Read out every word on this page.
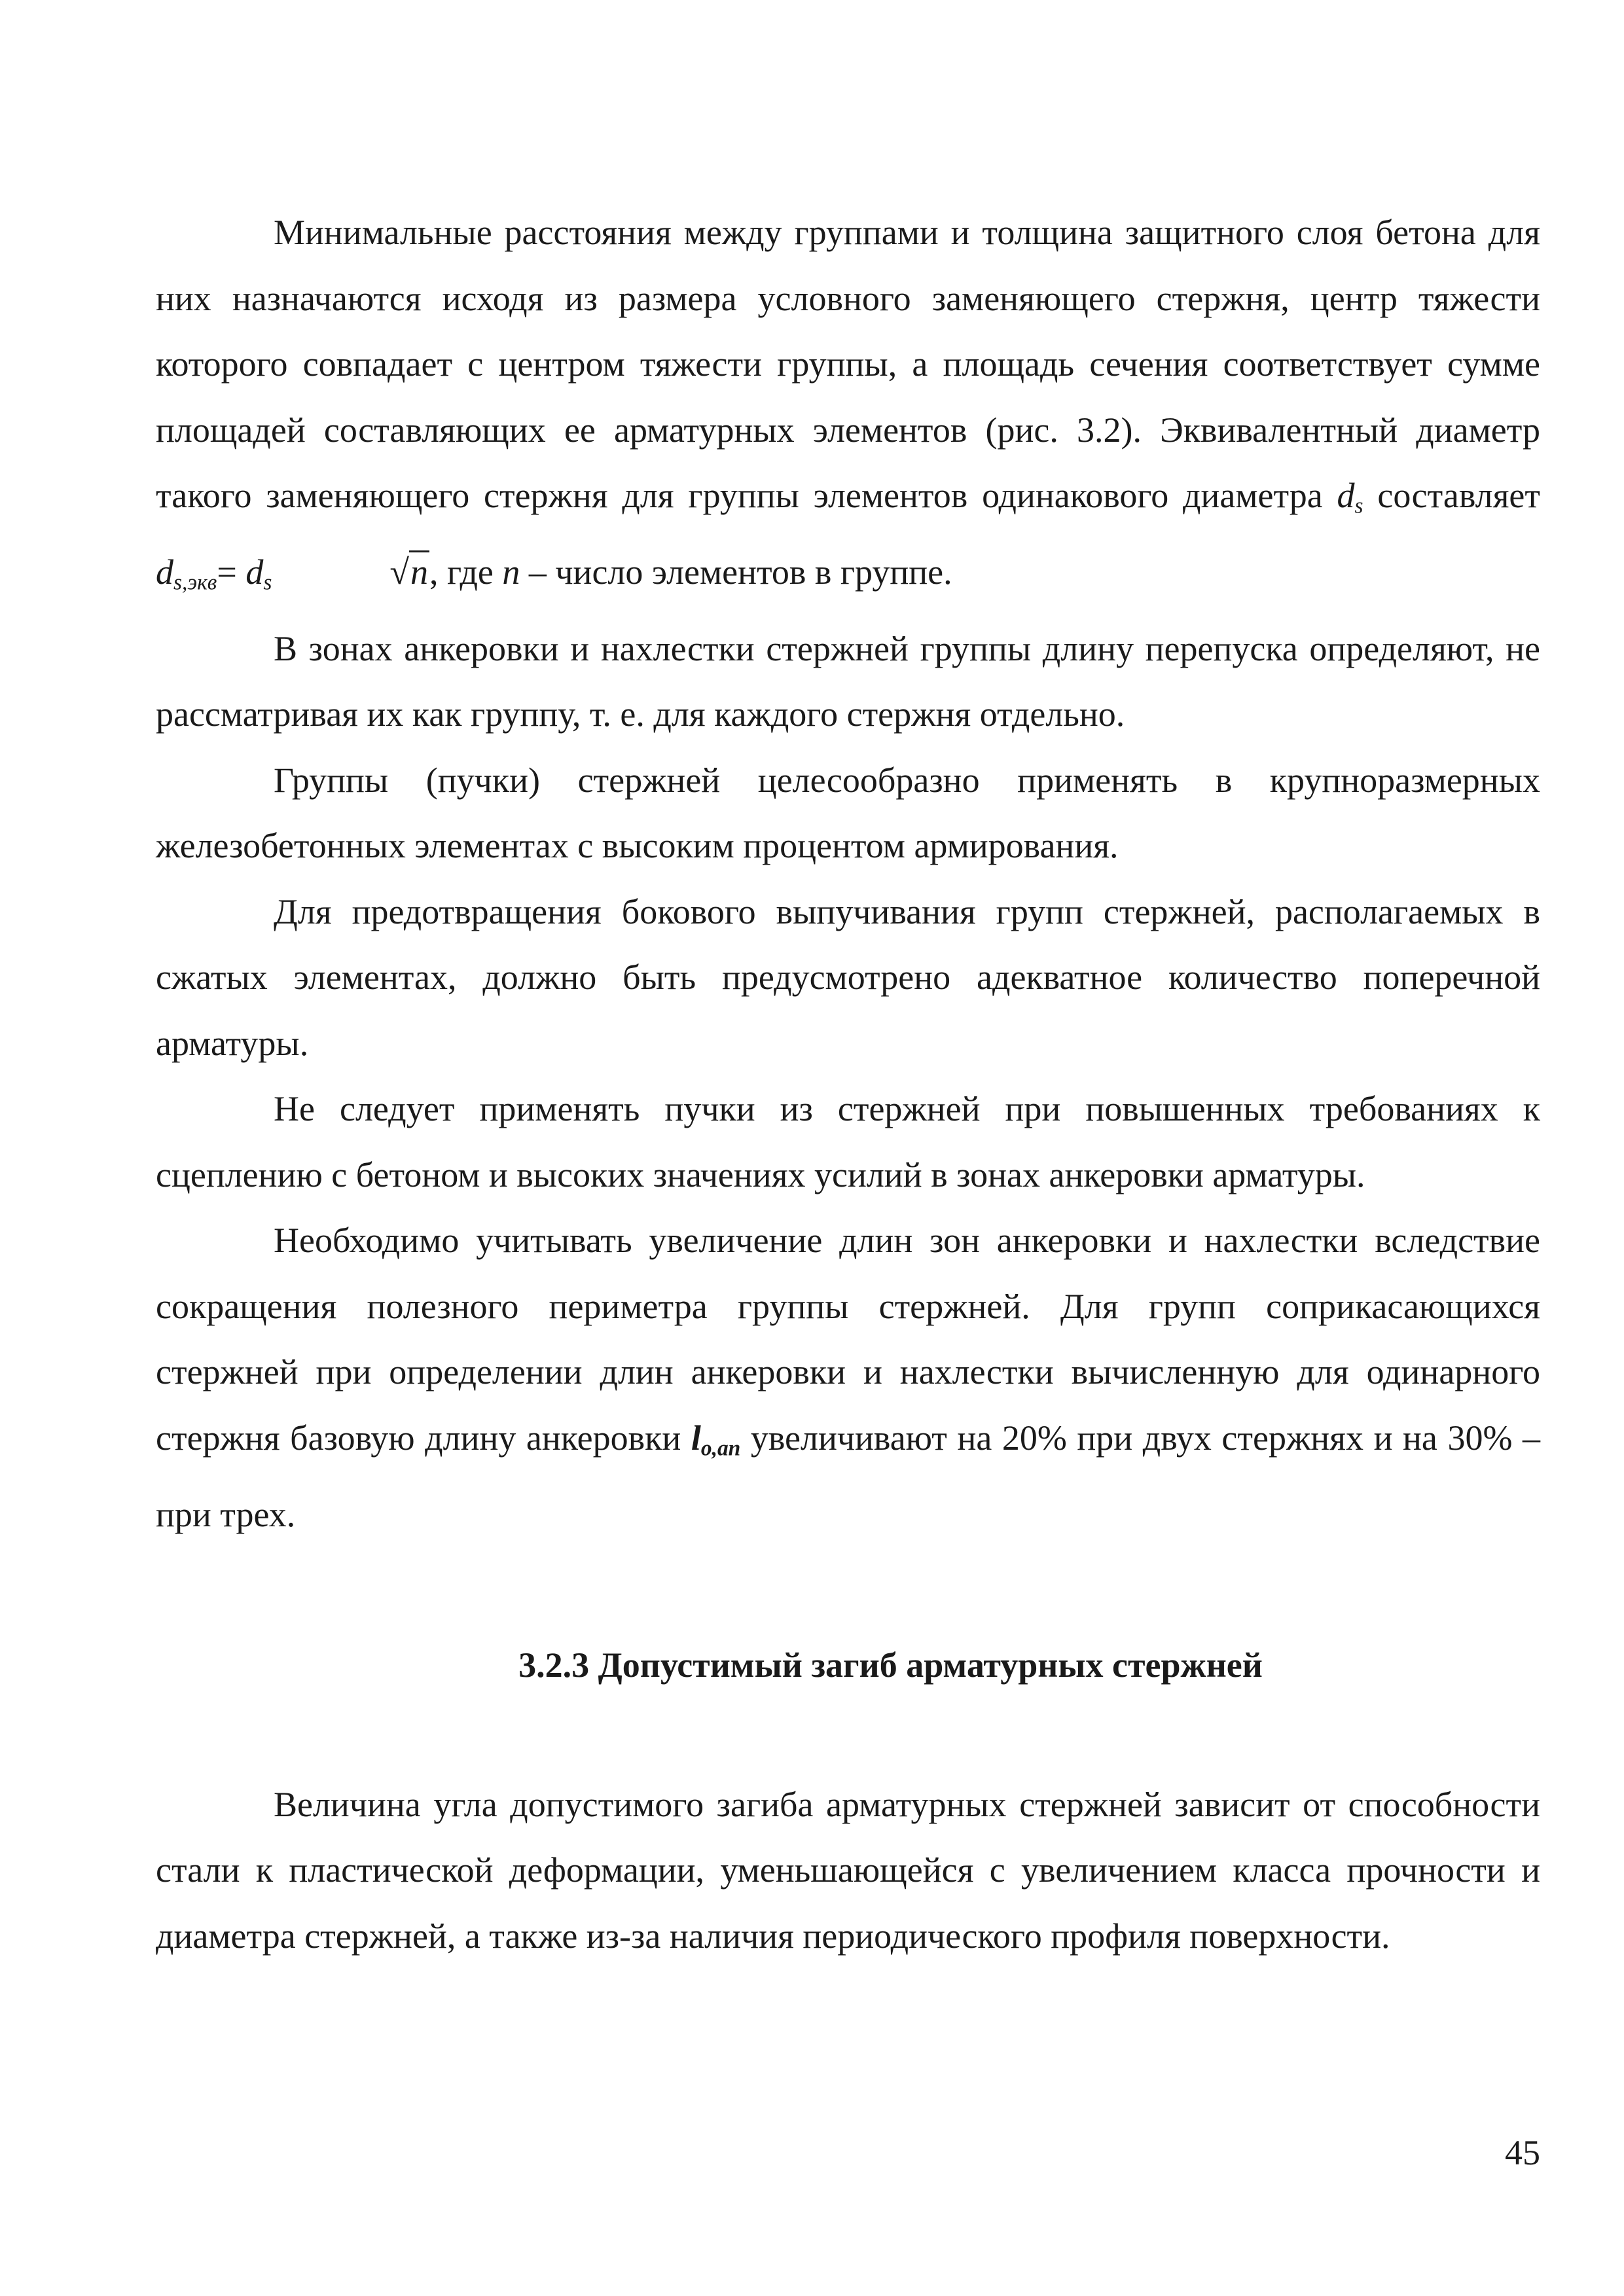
Минимальные расстояния между группами и толщина защитного слоя бетона для них назначаются исходя из размера условного заменяющего стержня, центр тяжести которого совпадает с центром тяжести группы, а площадь сечения соответствует сумме площадей составляющих ее арматурных элементов (рис. 3.2). Эквивалентный диаметр такого заменяющего стержня для группы элементов одинакового диаметра $d_s$ составляет $d_{s,экв}= d_s$	√n, где n – число элементов в группе.

В зонах анкеровки и нахлестки стержней группы длину перепуска определяют, не рассматривая их как группу, т. е. для каждого стержня отдельно.

Группы (пучки) стержней целесообразно применять в крупноразмерных железобетонных элементах с высоким процентом армирования.

Для предотвращения бокового выпучивания групп стержней, располагаемых в сжатых элементах, должно быть предусмотрено адекватное количество поперечной арматуры.

Не следует применять пучки из стержней при повышенных требованиях к сцеплению с бетоном и высоких значениях усилий в зонах анкеровки арматуры.

Необходимо учитывать увеличение длин зон анкеровки и нахлестки вследствие сокращения полезного периметра группы стержней. Для групп соприкасающихся стержней при определении длин анкеровки и нахлестки вычисленную для одинарного стержня базовую длину анкеровки lo,an увеличивают на 20% при двух стержнях и на 30% – при трех.

3.2.3 Допустимый загиб арматурных стержней

Величина угла допустимого загиба арматурных стержней зависит от способности стали к пластической деформации, уменьшающейся с увеличением класса прочности и диаметра стержней, а также из-за наличия периодического профиля поверхности.

45
